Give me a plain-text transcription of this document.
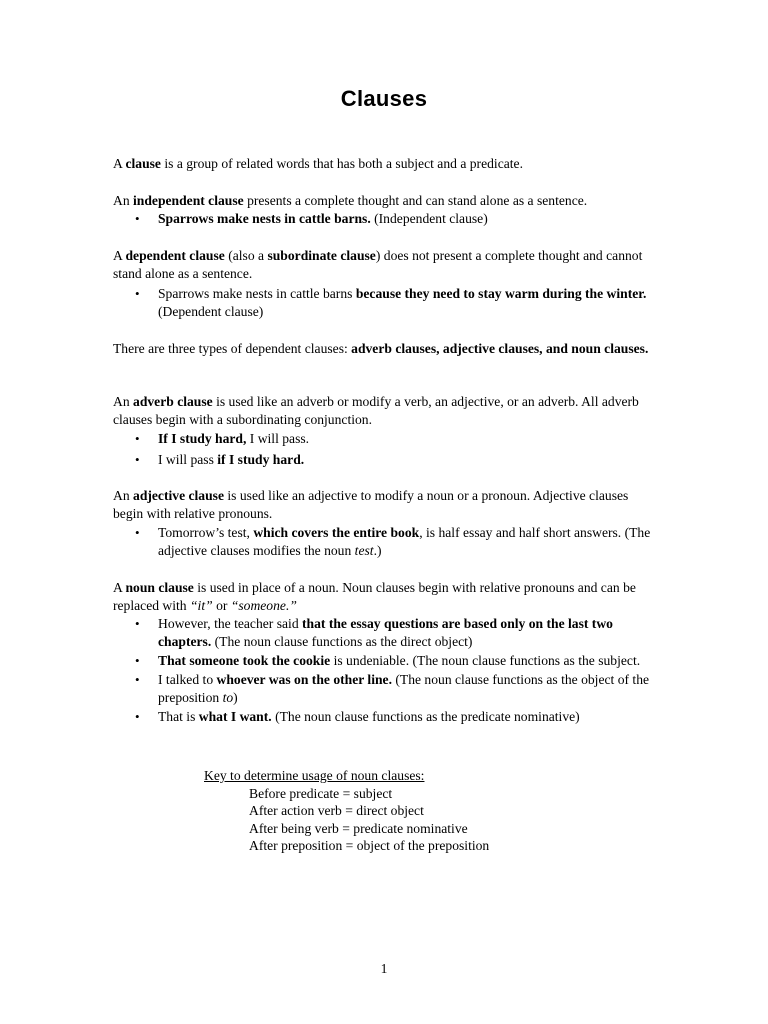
Clauses

A clause is a group of related words that has both a subject and a predicate.

An independent clause presents a complete thought and can stand alone as a sentence.

• Sparrows make nests in cattle barns. (Independent clause)

A dependent clause (also a subordinate clause) does not present a complete thought and cannot stand alone as a sentence.

• Sparrows make nests in cattle barns because they need to stay warm during the winter. (Dependent clause)

There are three types of dependent clauses: adverb clauses, adjective clauses, and noun clauses.

An adverb clause is used like an adverb or modify a verb, an adjective, or an adverb. All adverb clauses begin with a subordinating conjunction.

• If I study hard, I will pass.
• I will pass if I study hard.

An adjective clause is used like an adjective to modify a noun or a pronoun. Adjective clauses begin with relative pronouns.

• Tomorrow’s test, which covers the entire book, is half essay and half short answers. (The adjective clauses modifies the noun test.)

A noun clause is used in place of a noun. Noun clauses begin with relative pronouns and can be replaced with “it” or “someone.”

• However, the teacher said that the essay questions are based only on the last two chapters. (The noun clause functions as the direct object)
• That someone took the cookie is undeniable. (The noun clause functions as the subject.
• I talked to whoever was on the other line. (The noun clause functions as the object of the preposition to)
• That is what I want. (The noun clause functions as the predicate nominative)
Key to determine usage of noun clauses:
Before predicate = subject
After action verb = direct object
After being verb = predicate nominative
After preposition = object of the preposition
1
